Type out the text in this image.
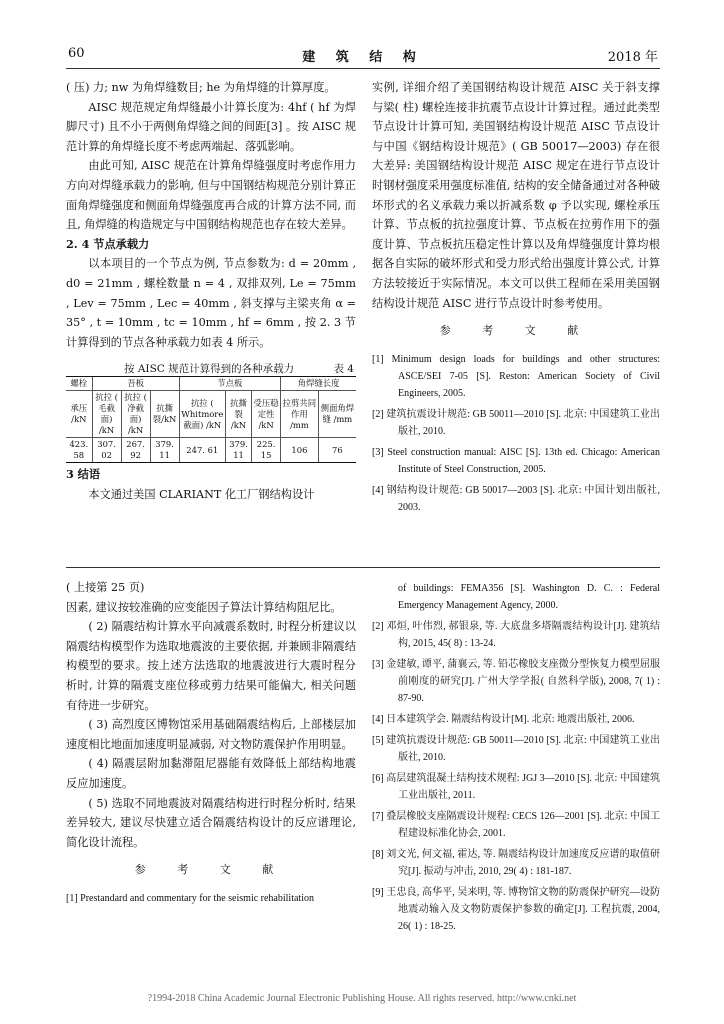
60	建 筑 结 构	2018 年

( 压) 力; nw 为角焊缝数目; he 为角焊缝的计算厚度。

AISC 规范规定角焊缝最小计算长度为: 4hf ( hf 为焊脚尺寸) 且不小于两侧角焊缝之间的间距[3] 。按 AISC 规范计算的角焊缝长度不考虑两端起、落弧影响。

由此可知, AISC 规范在计算角焊缝强度时考虑作用力方向对焊缝承载力的影响, 但与中国钢结构规范分别计算正面角焊缝强度和侧面角焊缝强度再合成的计算方法不同, 而且, 角焊缝的构造规定与中国钢结构规范也存在较大差异。

2. 4 节点承载力

以本项目的一个节点为例, 节点参数为: d = 20mm , d0 = 21mm , 螺栓数量 n = 4 , 双排双列, Le = 75mm , Lev = 75mm , Lec = 40mm , 斜支撑与主梁夹角 α = 35° , t = 10mm , tc = 10mm , hf = 6mm , 按 2. 3 节计算得到的节点各种承载力如表 4 所示。

按 AISC 规范计算得到的各种承载力	表 4
螺栓	吾板			节点板			角焊缝长度	
承压 /kN	抗拉 ( 毛截面) /kN	抗拉 ( 净截面) /kN	抗撕裂/kN	抗拉 ( Whitmore 截面) /kN	抗撕裂 /kN	受压稳定性 /kN	拉剪共同作用 /mm	侧面角焊缝 /mm
423. 58	307. 02	267. 92	379. 11	247. 61	379. 11	225. 15	106	76

3 结语

本文通过美国 CLARIANT 化工厂钢结构设计

实例, 详细介绍了美国钢结构设计规范 AISC 关于斜支撑与梁( 柱) 螺栓连接非抗震节点设计计算过程。通过此类型节点设计计算可知, 美国钢结构设计规范 AISC 节点设计与中国《钢结构设计规范》( GB 50017—2003) 存在很大差异: 美国钢结构设计规范 AISC 规定在进行节点设计时钢材强度采用强度标准值, 结构的安全储备通过对各种破坏形式的名义承载力乘以折减系数 φ 予以实现, 螺栓承压计算、节点板的抗拉强度计算、节点板在拉剪作用下的强度计算、节点板抗压稳定性计算以及角焊缝强度计算均根据各自实际的破坏形式和受力形式给出强度计算公式, 计算方法较接近于实际情况。本文可以供工程师在采用美国钢结构设计规范 AISC 进行节点设计时参考使用。

参 考 文 献
[1] Minimum design loads for buildings and other structures: ASCE/SEI 7-05 [S]. Reston: American Society of Civil Engineers, 2005.
[2] 建筑抗震设计规范: GB 50011—2010 [S]. 北京: 中国建筑工业出版社, 2010.
[3] Steel construction manual: AISC [S]. 13th ed. Chicago: American Institute of Steel Construction, 2005.
[4] 钢结构设计规范: GB 50017—2003 [S]. 北京: 中国计划出版社, 2003.

( 上接第 25 页)

因素, 建议按较准确的应变能因子算法计算结构阻尼比。

( 2) 隔震结构计算水平向减震系数时, 时程分析建议以隔震结构模型作为选取地震波的主要依据, 并兼顾非隔震结构模型的要求。按上述方法选取的地震波进行大震时程分析时, 计算的隔震支座位移或剪力结果可能偏大, 相关问题有待进一步研究。

( 3) 高烈度区博物馆采用基础隔震结构后, 上部楼层加速度相比地面加速度明显减弱, 对文物防震保护作用明显。

( 4) 隔震层附加黏滞阻尼器能有效降低上部结构地震反应加速度。

( 5) 选取不同地震波对隔震结构进行时程分析时, 结果差异较大, 建议尽快建立适合隔震结构设计的反应谱理论, 简化设计流程。

参 考 文 献
[1] Prestandard and commentary for the seismic rehabilitation
of buildings: FEMA356 [S]. Washington D. C. : Federal Emergency Management Agency, 2000.
[2] 邓烜, 叶伟烈, 郝银泉, 等. 大底盘多塔隔震结构设计[J]. 建筑结构, 2015, 45( 8) : 13-24.
[3] 金建敏, 谭平, 蒲襄云, 等. 铅芯橡胶支座微分型恢复力模型屈服前刚度的研究[J]. 广州大学学报( 自然科学版), 2008, 7( 1) : 87-90.
[4] 日本建筑学会. 隔震结构设计[M]. 北京: 地震出版社, 2006.
[5] 建筑抗震设计规范: GB 50011—2010 [S]. 北京: 中国建筑工业出版社, 2010.
[6] 高层建筑混凝土结构技术规程: JGJ 3—2010 [S]. 北京: 中国建筑工业出版社, 2011.
[7] 叠层橡胶支座隔震设计规程: CECS 126—2001 [S]. 北京: 中国工程建设标准化协会, 2001.
[8] 刘文光, 何文福, 霍达, 等. 隔震结构设计加速度反应谱的取值研究[J]. 振动与冲击, 2010, 29( 4) : 181-187.
[9] 王忠良, 高华平, 吴来明, 等. 博物馆文物的防震保护研究—设防地震动输入及文物防震保护参数的确定[J]. 工程抗震, 2004, 26( 1) : 18-25.
?1994-2018 China Academic Journal Electronic Publishing House. All rights reserved. http://www.cnki.net
